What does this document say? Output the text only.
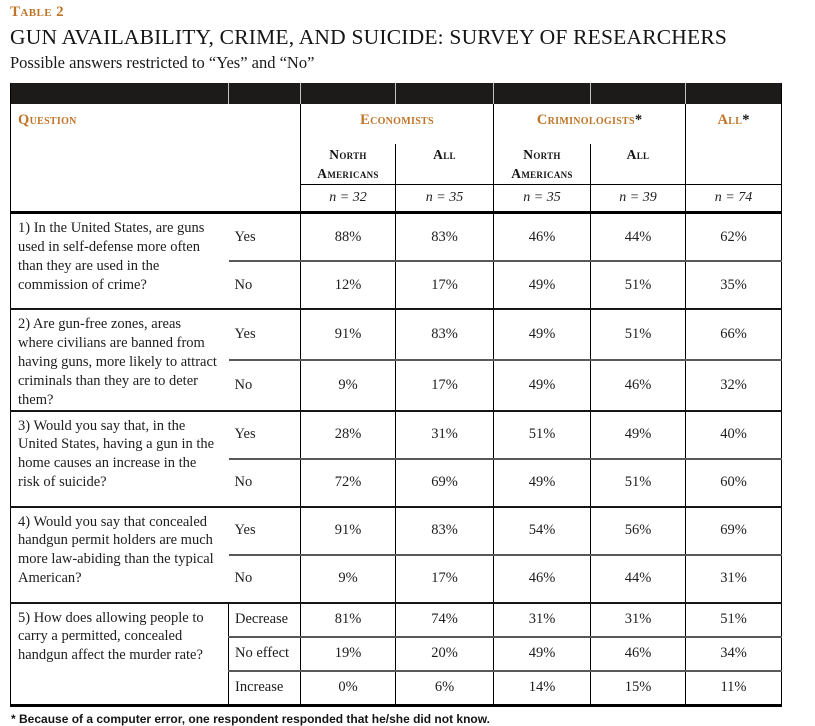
Table 2
GUN AVAILABILITY, CRIME, AND SUICIDE: SURVEY OF RESEARCHERS
Possible answers restricted to “Yes” and “No”

Question		Economists		Criminologists*		All*
		North Americans	All	North Americans	All	
		n = 32	n = 35	n = 35	n = 39	n = 74
1) In the United States, are guns used in self-defense more often than they are used in the commission of crime?	Yes	88%	83%	46%	44%	62%
	No	12%	17%	49%	51%	35%
2) Are gun-free zones, areas where civilians are banned from having guns, more likely to attract criminals than they are to deter them?	Yes	91%	83%	49%	51%	66%
	No	9%	17%	49%	46%	32%
3) Would you say that, in the United States, having a gun in the home causes an increase in the risk of suicide?	Yes	28%	31%	51%	49%	40%
	No	72%	69%	49%	51%	60%
4) Would you say that concealed handgun permit holders are much more law-abiding than the typical American?	Yes	91%	83%	54%	56%	69%
	No	9%	17%	46%	44%	31%
5) How does allowing people to carry a permitted, concealed handgun affect the murder rate?	Decrease	81%	74%	31%	31%	51%
	No effect	19%	20%	49%	46%	34%
	Increase	0%	6%	14%	15%	11%
* Because of a computer error, one respondent responded that he/she did not know.
